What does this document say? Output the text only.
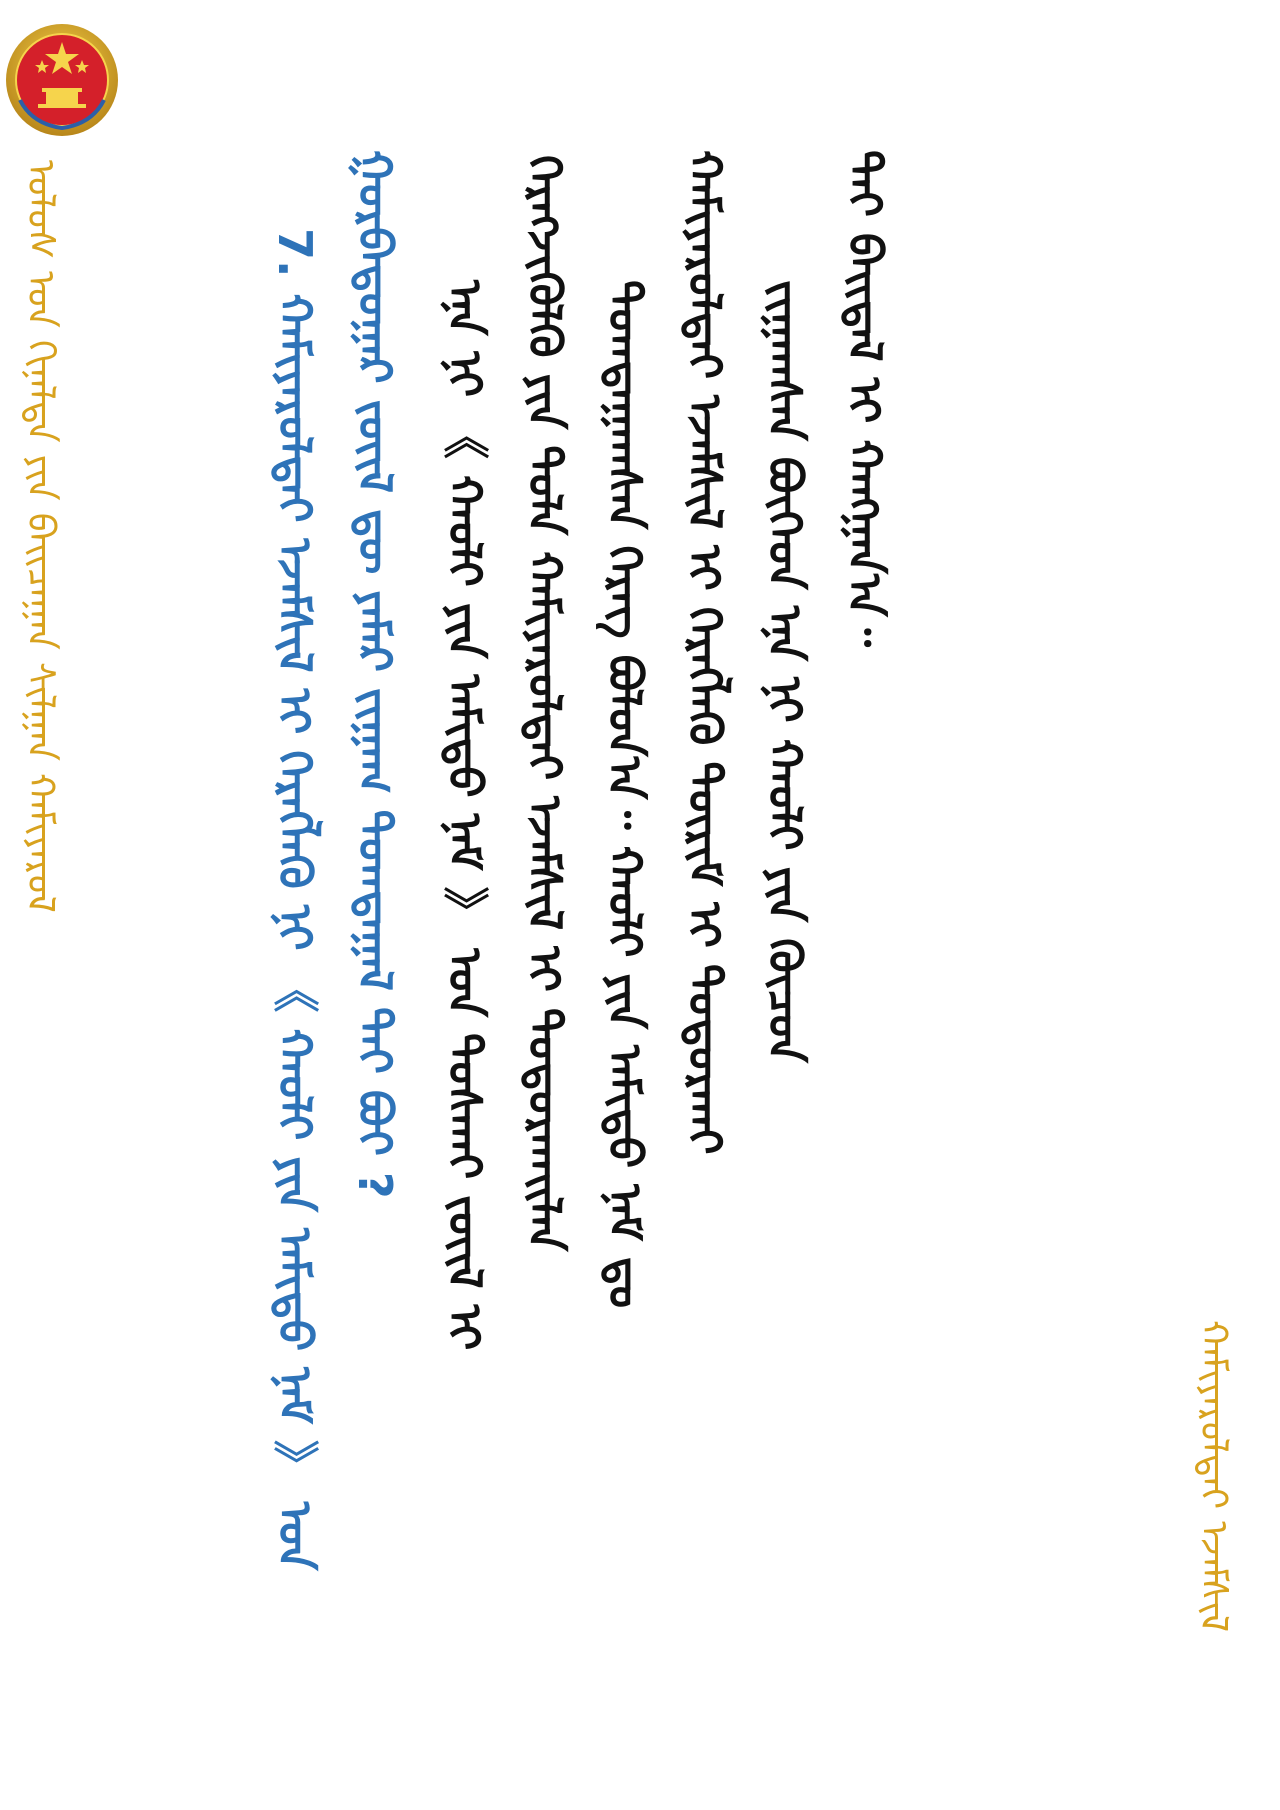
ᠤᠯᠤᠰ ᠤᠨ ᠬᠢᠨᠠᠯᠲᠠ ᠶᠢᠨ ᠪᠠᠢᠴᠠᠭᠠᠨ ᠰᠢᠯᠭᠠᠨ ᠬᠠᠮᠢᠶᠠᠷᠤᠯ	7. ᠬᠠᠮᠢᠶᠠᠷᠤᠯᠲᠠᠶ ᠡᠵᠡᠮᠰᠢᠯ ᠢ ᠬᠡᠷᠡᠭᠯᠡᠬᠦ ᠨᠢ 《 ᠬᠠᠤᠯᠢ ᠶᠢᠨ ᠠᠮᠢᠳᠤ ᠨᠠᠮ 》 ᠤᠨ ᠭᠤᠷᠪᠠᠳᠤᠭᠠᠷ ᠵᠦᠢᠯ ᠳᠦ ᠶᠠᠮᠠᠷ ᠵᠢᠭᠠᠭ ᠲᠤᠭᠲᠠᠭᠠᠯ ᠲᠠᠢ ᠪᠤᠢ ? ᠡᠨᠡ ᠨᠢ 《 ᠬᠠᠤᠯᠢ ᠶᠢᠨ ᠠᠮᠢᠳᠤ ᠨᠠᠮ 》 ᠤᠨ ᠲᠤᠰᠬᠠᠢ ᠵᠦᠢᠯ ᠢ ᠬᠡᠷᠡᠭᠵᠢᠭᠦᠯᠬᠦ ᠶᠢᠨ ᠲᠤᠯᠠ ᠬᠠᠮᠢᠶᠠᠷᠤᠯᠲᠠᠶ ᠡᠵᠡᠮᠰᠢᠯ ᠢ ᠲᠣᠳᠣᠷᠬᠠᠢᠯᠠᠨ ᠲᠣᠭᠲᠠᠭᠠᠭᠰᠠᠨ ᠬᠡᠷᠡᠭ ᠪᠣᠯᠣᠨ᠎ᠠ᠃ ᠬᠠᠤᠯᠢ ᠶᠢᠨ ᠠᠮᠢᠳᠤ ᠨᠠᠮ ᠳᠤ ᠬᠠᠮᠢᠶᠠᠷᠤᠯᠲᠠᠶ ᠡᠵᠡᠮᠰᠢᠯ ᠢ ᠬᠡᠷᠡᠭᠯᠡᠬᠦ ᠳᠦᠷᠢᠮ ᠢ ᠲᠣᠳᠣᠷᠬᠠᠢ ᠵᠢᠭᠠᠭᠰᠠᠨ ᠪᠥᠭᠡᠳ ᠡᠨᠡ ᠨᠢ ᠬᠠᠤᠯᠢ ᠶᠢᠨ ᠬᠦᠴᠦᠨ ᠲᠡᠢ ᠪᠠᠢᠳᠠᠯ ᠢ ᠬᠠᠩᠭᠠᠨ᠎ᠠ᠃
ᠬᠠᠮᠢᠶᠠᠷᠤᠯᠲᠠᠶ ᠡᠵᠡᠮᠰᠢᠯ
